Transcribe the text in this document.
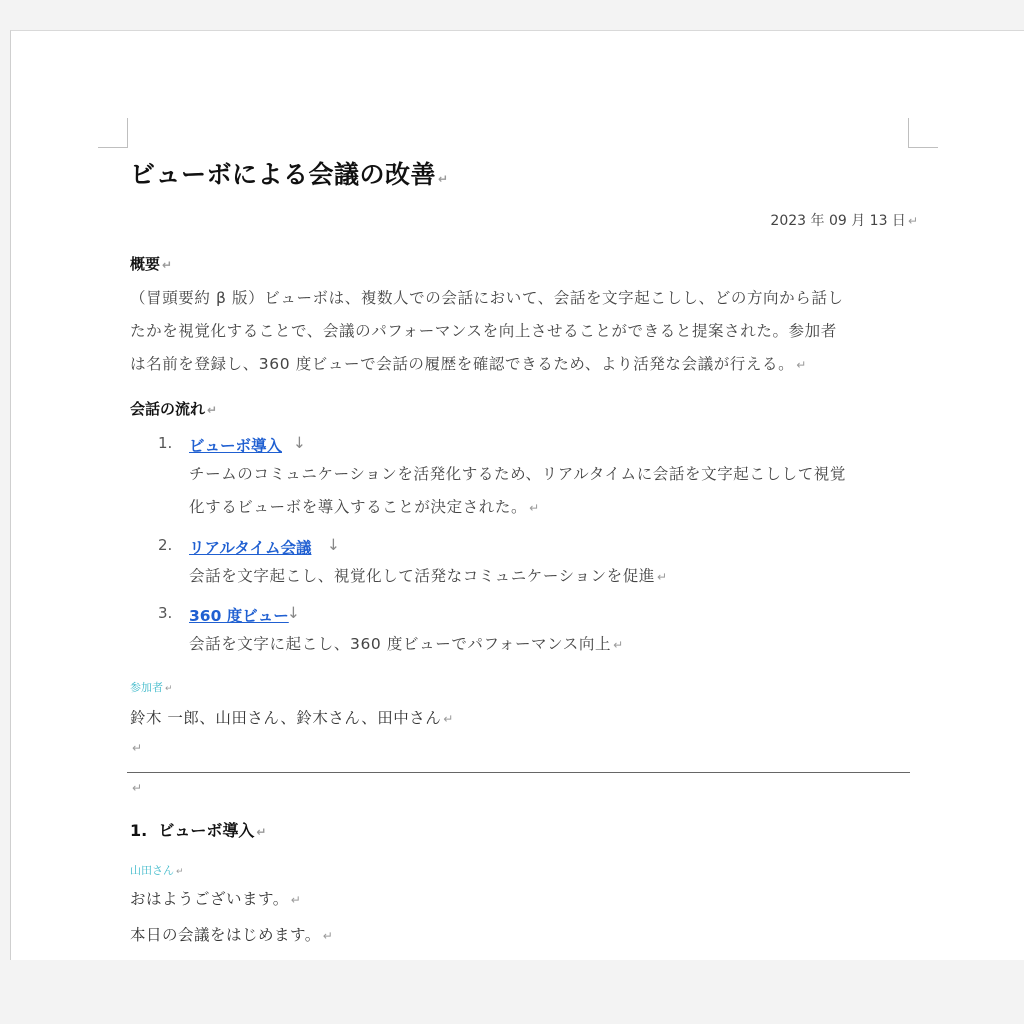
ビューボによる会議の改善 ↵
2023 年 09 月 13 日 ↵
概要 ↵
（冒頭要約 β 版）ビューボは、複数人での会話において、会話を文字起こしし、どの方向から話し
たかを視覚化することで、会議のパフォーマンスを向上させることができると提案された。参加者
は名前を登録し、360 度ビューで会話の履歴を確認できるため、より活発な会議が行える。 ↵
会話の流れ ↵
1. ビューボ導入 ↓
チームのコミュニケーションを活発化するため、リアルタイムに会話を文字起こしして視覚
化するビューボを導入することが決定された。 ↵
2. リアルタイム会議 ↓
会話を文字起こし、視覚化して活発なコミュニケーションを促進 ↵
3. 360 度ビュー
↓
会話を文字に起こし、360 度ビューでパフォーマンス向上 ↵
参加者 ↵
鈴木 一郎、山田さん、鈴木さん、田中さん ↵
↵
↵
1.  ビューボ導入 ↵
山田さん ↵
おはようございます。 ↵
本日の会議をはじめます。 ↵
